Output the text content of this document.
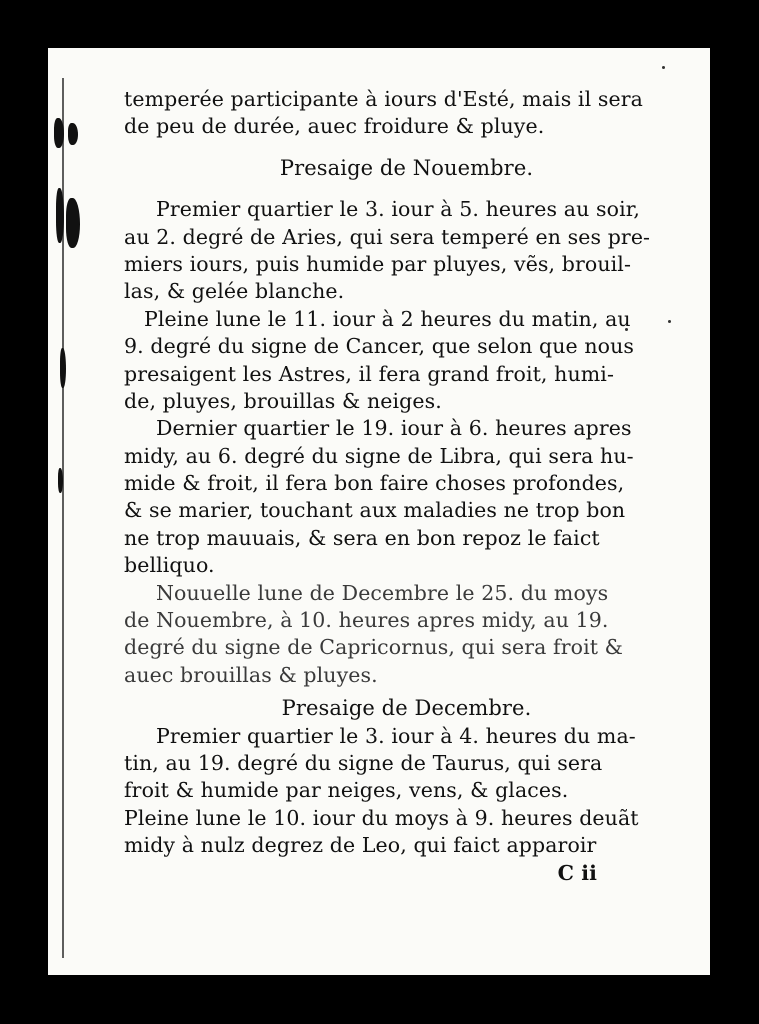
temperée participante à iours d'Esté, mais il sera
de peu de durée, auec froidure & pluye.
Presaige de Nouembre.
Premier quartier le 3. iour à 5. heures au soir,
au 2. degré de Aries, qui sera temperé en ses pre-
miers iours, puis humide par pluyes, vẽs, brouil-
las, & gelée blanche.
Pleine lune le 11. iour à 2 heures du matin, au
9. degré du signe de Cancer, que selon que nous
presaigent les Astres, il fera grand froit, humi-
de, pluyes, brouillas & neiges.
Dernier quartier le 19. iour à 6. heures apres
midy, au 6. degré du signe de Libra, qui sera hu-
mide & froit, il fera bon faire choses profondes,
& se marier, touchant aux maladies ne trop bon
ne trop mauuais, & sera en bon repoz le faict
belliquo.
Nouuelle lune de Decembre le 25. du moys
de Nouembre, à 10. heures apres midy, au 19.
degré du signe de Capricornus, qui sera froit &
auec brouillas & pluyes.
Presaige de Decembre.
Premier quartier le 3. iour à 4. heures du ma-
tin, au 19. degré du signe de Taurus, qui sera
froit & humide par neiges, vens, & glaces.
Pleine lune le 10. iour du moys à 9. heures deuãt
midy à nulz degrez de Leo, qui faict apparoir
C ii
